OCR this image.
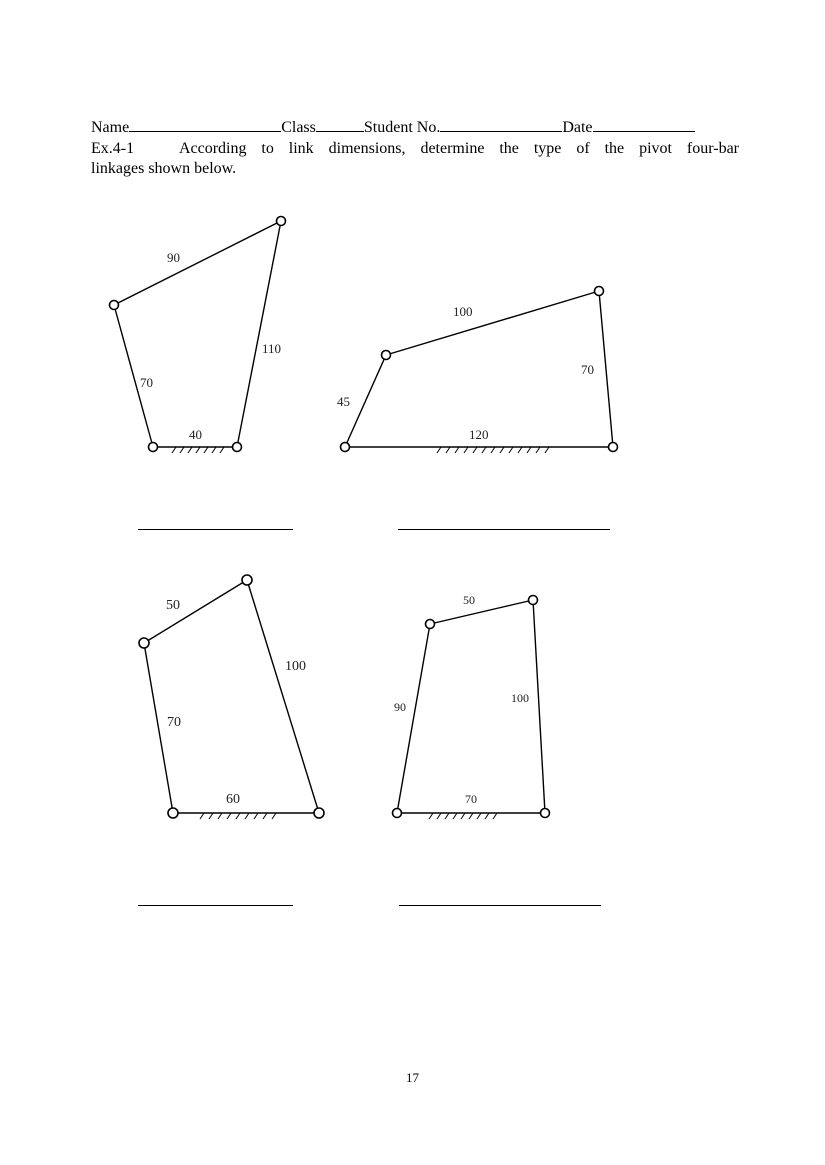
Name	Class	Student No.	Date
Ex.4-1	According to link dimensions, determine the type of the pivot four-bar
linkages shown below.
90
110
70
40
100
70
45
120
50
100
70
60
50
100
90
70
17
